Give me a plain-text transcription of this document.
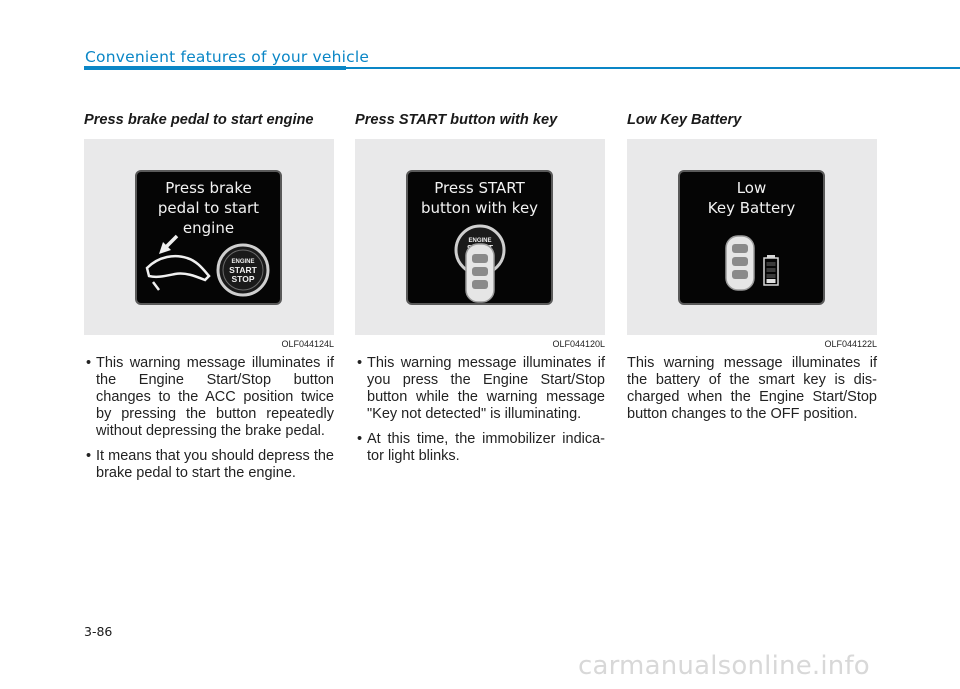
Convenient features of your vehicle
Press brake pedal to start engine
Press brake
pedal to start
engine
ENGINE
START
STOP
OLF044124L
• This warning message illuminates if the Engine Start/Stop button changes to the ACC position twice by pressing the button repeatedly without depressing the brake pedal.
• It means that you should depress the brake pedal to start the engine.
Press START button with key
Press START
button with key
ENGINE
OLF044120L
• This warning message illuminates if you press the Engine Start/Stop button while the warning message "Key not detected" is illuminating.
• At this time, the immobilizer indica-tor light blinks.
Low Key Battery
Low
Key Battery
OLF044122L
This warning message illuminates if the battery of the smart key is dis-charged when the Engine Start/Stop button changes to the OFF position.
3-86
carmanualsonline.info
